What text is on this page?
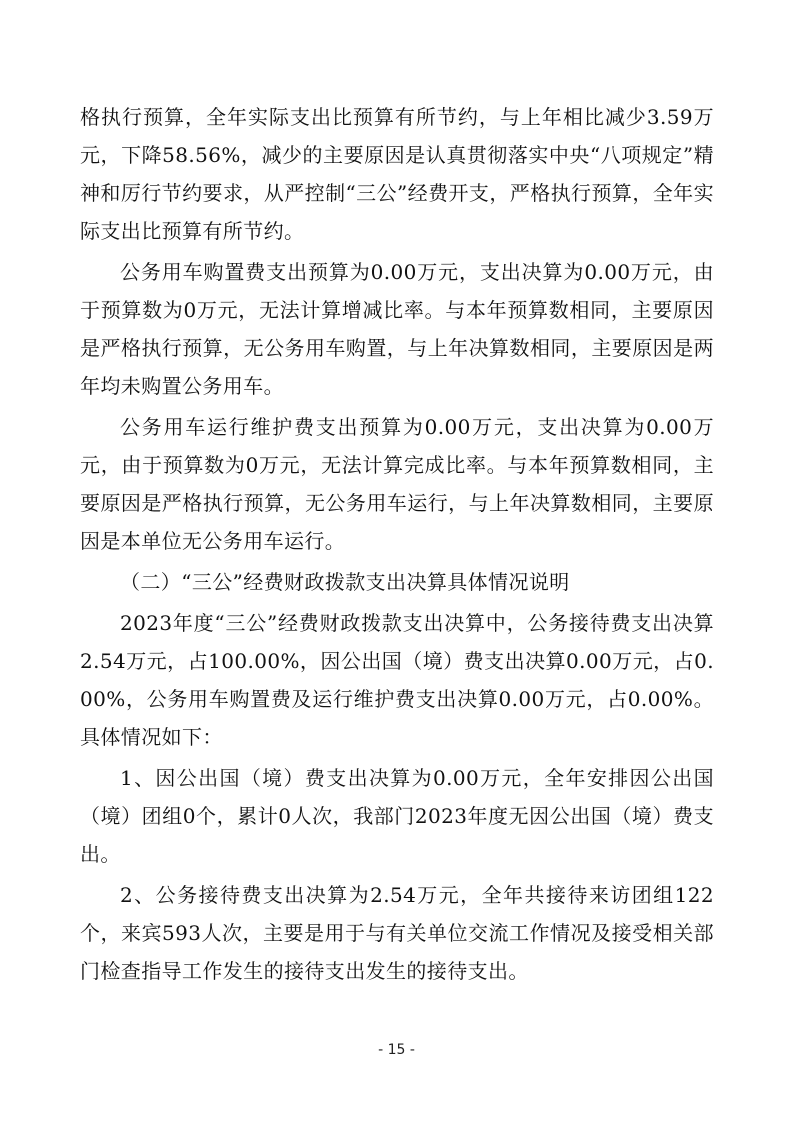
格执行预算，全年实际支出比预算有所节约，与上年相比减少3.59万元，下降58.56%，减少的主要原因是认真贯彻落实中央“八项规定”精神和厉行节约要求，从严控制“三公”经费开支，严格执行预算，全年实际支出比预算有所节约。

公务用车购置费支出预算为0.00万元，支出决算为0.00万元，由于预算数为0万元，无法计算增减比率。与本年预算数相同，主要原因是严格执行预算，无公务用车购置，与上年决算数相同，主要原因是两年均未购置公务用车。

公务用车运行维护费支出预算为0.00万元，支出决算为0.00万元，由于预算数为0万元，无法计算完成比率。与本年预算数相同，主要原因是严格执行预算，无公务用车运行，与上年决算数相同，主要原因是本单位无公务用车运行。

（二）“三公”经费财政拨款支出决算具体情况说明

2023年度“三公”经费财政拨款支出决算中，公务接待费支出决算2.54万元，占100.00%，因公出国（境）费支出决算0.00万元，占0.00%，公务用车购置费及运行维护费支出决算0.00万元，占0.00%。具体情况如下：

1、因公出国（境）费支出决算为0.00万元，全年安排因公出国（境）团组0个，累计0人次，我部门2023年度无因公出国（境）费支出。

2、公务接待费支出决算为2.54万元，全年共接待来访团组122个，来宾593人次，主要是用于与有关单位交流工作情况及接受相关部门检查指导工作发生的接待支出发生的接待支出。

- 15 -
